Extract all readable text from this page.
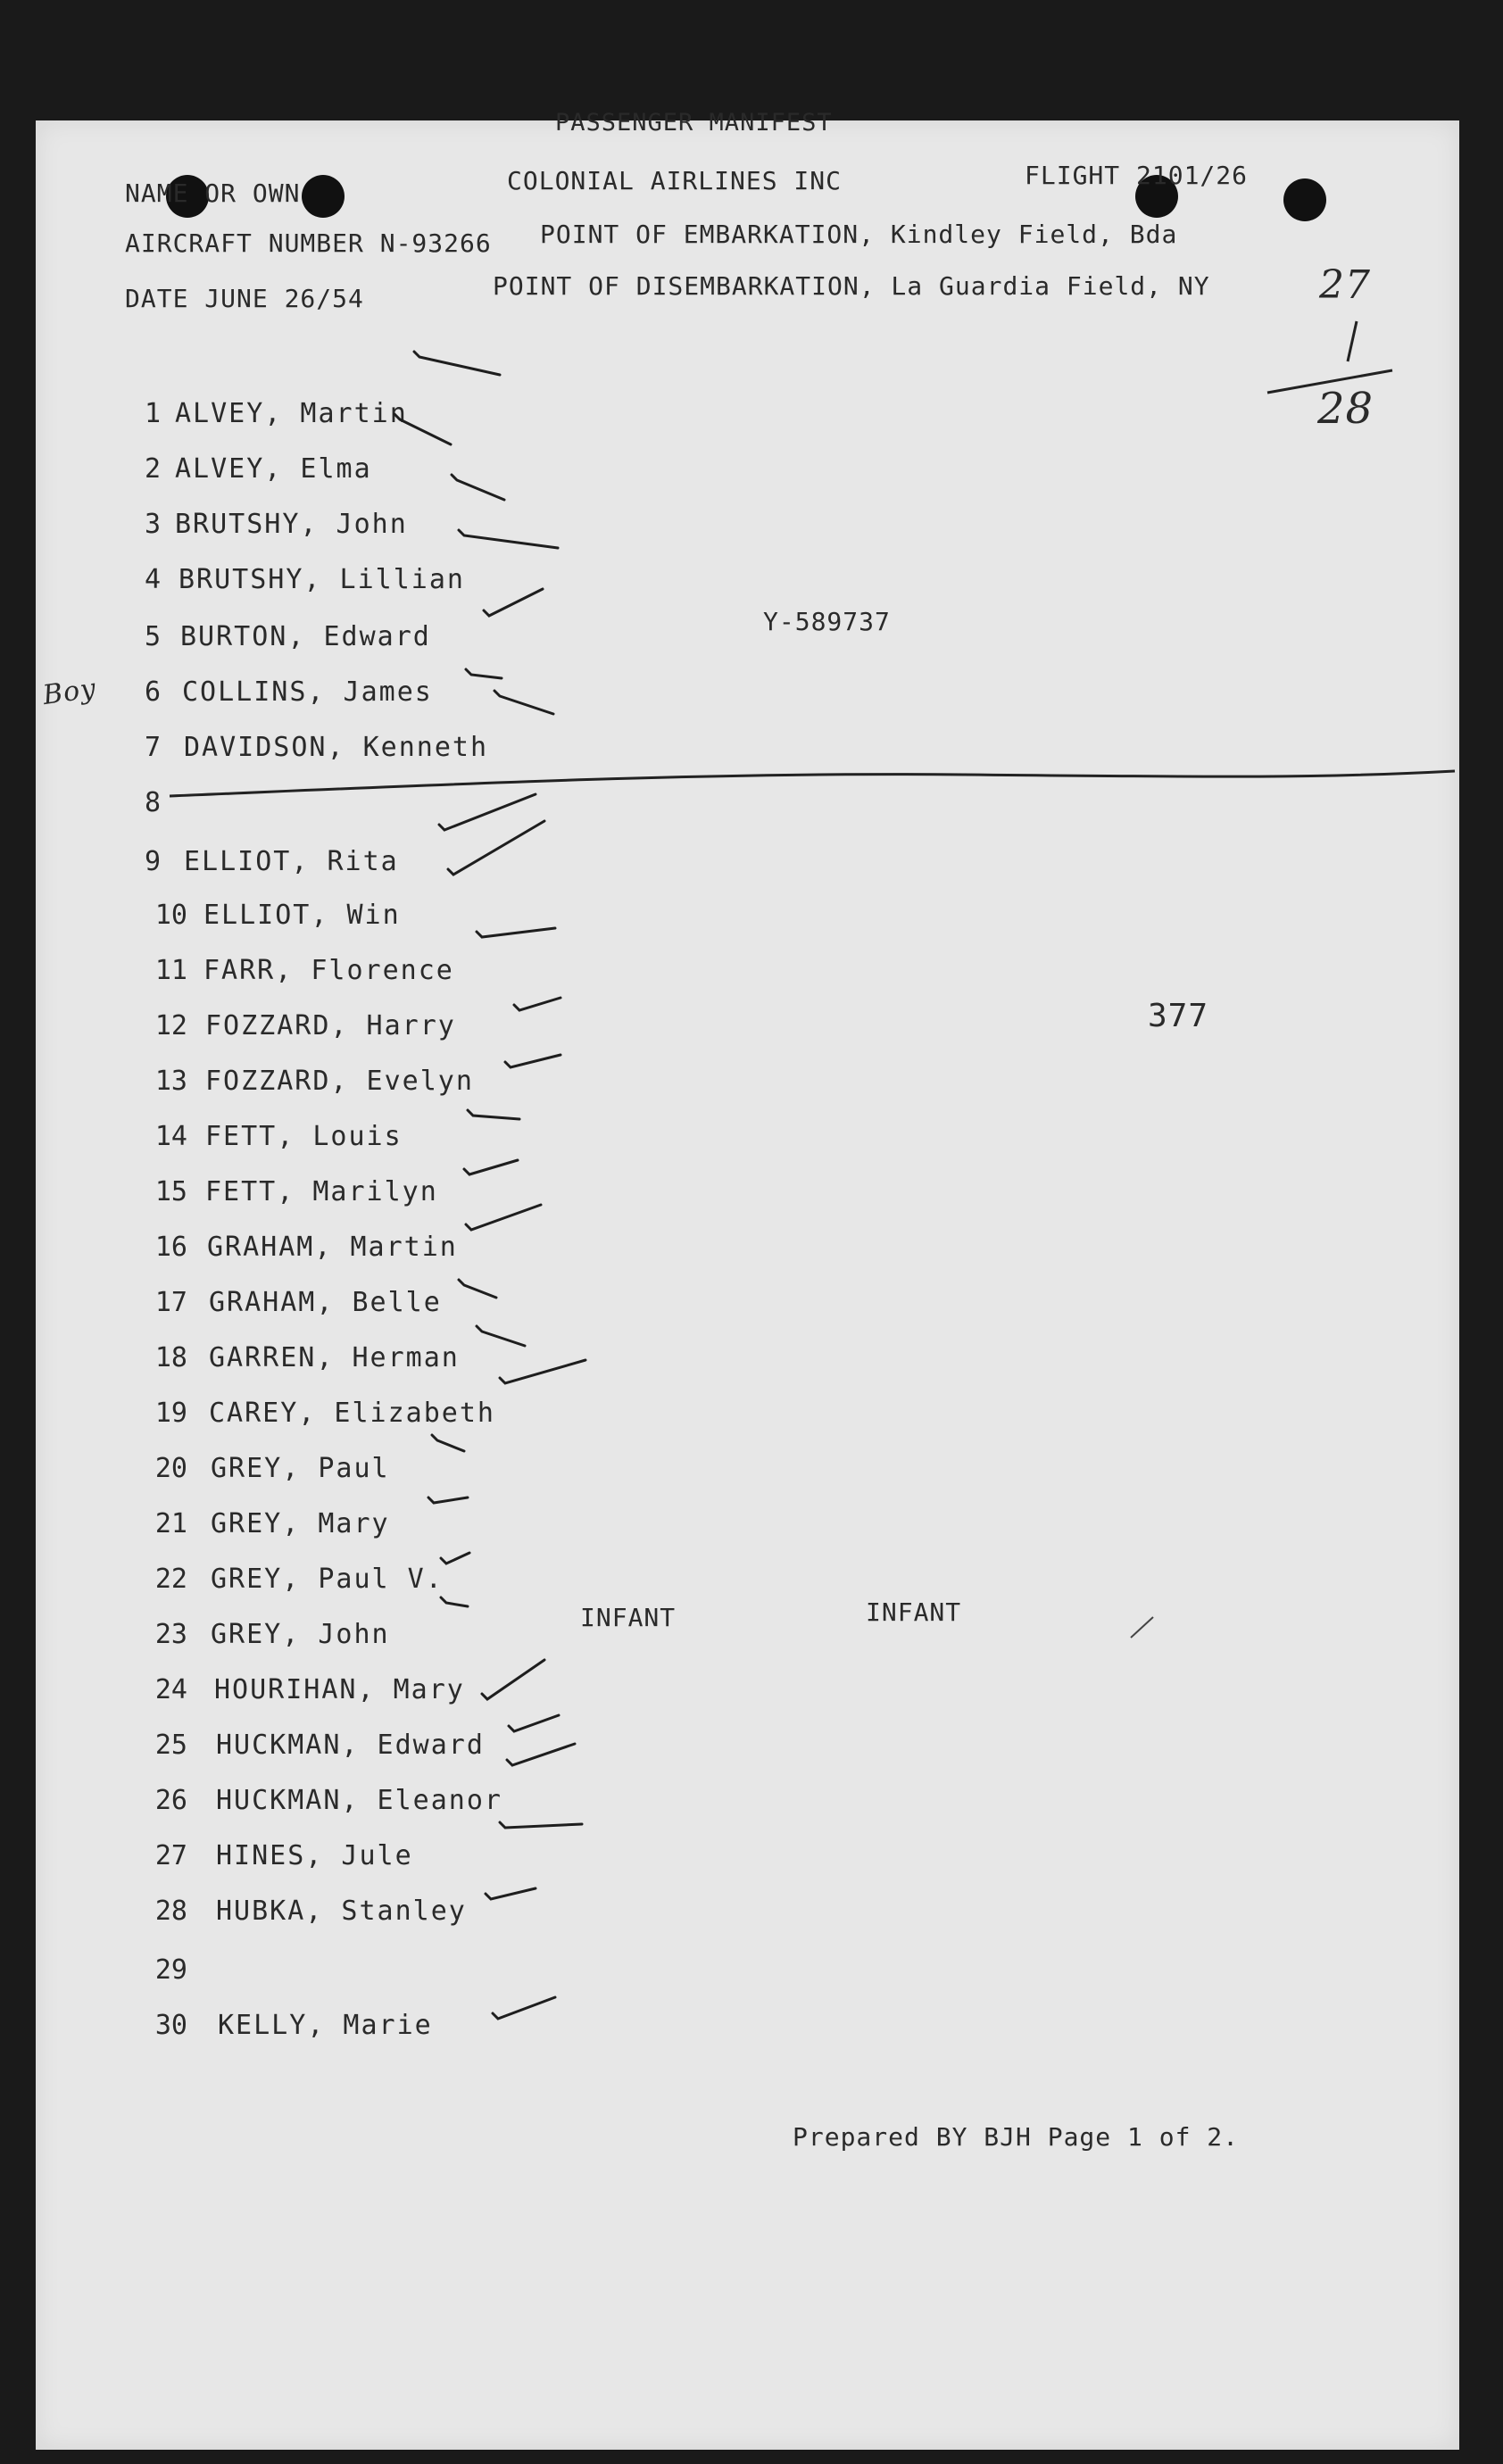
PASSENGER MANIFEST
NAME OR OWN	COLONIAL AIRLINES INC	FLIGHT 2101/26
AIRCRAFT NUMBER N-93266 POINT OF EMBARKATION, Kindley Field, Bda
DATE JUNE 26/54	POINT OF DISEMBARKATION, La Guardia Field, NY	27
28
Boy
Y-589737
377
INFANT	INFANT
1 ALVEY, Martin
2 ALVEY, Elma
3 BRUTSHY, John
4 BRUTSHY, Lillian
5 BURTON, Edward
6 COLLINS, James
7 DAVIDSON, Kenneth
8
9 ELLIOT, Rita
10 ELLIOT, Win
11 FARR, Florence
12 FOZZARD, Harry
13 FOZZARD, Evelyn
14 FETT, Louis
15 FETT, Marilyn
16 GRAHAM, Martin
17 GRAHAM, Belle
18 GARREN, Herman
19 CAREY, Elizabeth
20 GREY, Paul
21 GREY, Mary
22 GREY, Paul V.
23 GREY, John
24 HOURIHAN, Mary
25 HUCKMAN, Edward
26 HUCKMAN, Eleanor
27 HINES, Jule
28 HUBKA, Stanley
29
30 KELLY, Marie
Prepared BY BJH Page 1 of 2.
